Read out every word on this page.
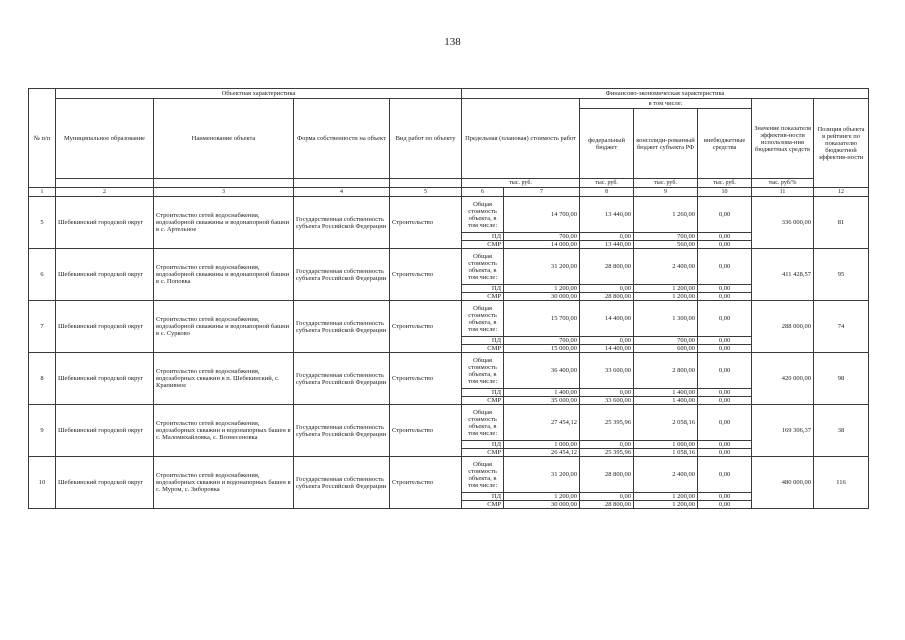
138
№ п/п	Объектная характеристика				Финансово-экономическая характеристика						
	Муниципальное образование	Наименование объекта	Форма собственности на объект	Вид работ по объекту	Предельная (плановая) стоимость работ		в том числе:			Значение показателя эффектив-ности использова-ния бюджетных средств	Позиция объекта в рейтинге по показателю бюджетной эффектив-ности
							федеральный бюджет	консолиди-рованный бюджет субъекта РФ	внебюджетные средства		
					тыс. руб.		тыс. руб.	тыс. руб.	тыс. руб.	тыс. руб/%	
1	2	3	4	5	6	7	8	9	10	11	12
5	Шебекинский городской округ	Строительство сетей водоснабжения, водозаборной скважины и водонапорной башни в с. Артельное	Государственная собственность субъекта Российской Федерации	Строительство	Общая стоимость объекта, в том числе:	14 700,00	13 440,00	1 260,00	0,00	336 000,00	81
					ПД	700,00	0,00	700,00	0,00		
					СМР	14 000,00	13 440,00	560,00	0,00		
6	Шебекинский городской округ	Строительство сетей водоснабжения, водозаборной скважины и водонапорной башни в с. Поповка	Государственная собственность субъекта Российской Федерации	Строительство	Общая стоимость объекта, в том числе:	31 200,00	28 800,00	2 400,00	0,00	411 428,57	95
					ПД	1 200,00	0,00	1 200,00	0,00		
					СМР	30 000,00	28 800,00	1 200,00	0,00		
7	Шебекинский городской округ	Строительство сетей водоснабжения, водозаборной скважины и водонапорной башни в с. Сурково	Государственная собственность субъекта Российской Федерации	Строительство	Общая стоимость объекта, в том числе:	15 700,00	14 400,00	1 300,00	0,00	288 000,00	74
					ПД	700,00	0,00	700,00	0,00		
					СМР	15 000,00	14 400,00	600,00	0,00		
8	Шебекинский городской округ	Строительство сетей водоснабжения, водозаборных скважин в п. Шебекинский, с. Крапивное	Государственная собственность субъекта Российской Федерации	Строительство	Общая стоимость объекта, в том числе:	36 400,00	33 600,00	2 800,00	0,00	420 000,00	98
					ПД	1 400,00	0,00	1 400,00	0,00		
					СМР	35 000,00	33 600,00	1 400,00	0,00		
9	Шебекинский городской округ	Строительство сетей водоснабжения, водозаборных скважин и водонапорных башен в с. Маломихайловка, с. Вознесеновка	Государственная собственность субъекта Российской Федерации	Строительство	Общая стоимость объекта, в том числе:	27 454,12	25 395,96	2 058,16	0,00	169 306,37	38
					ПД	1 000,00	0,00	1 000,00	0,00		
					СМР	26 454,12	25 395,96	1 058,16	0,00		
10	Шебекинский городской округ	Строительство сетей водоснабжения, водозаборных скважин и водонапорных башен в с. Муром, с. Зиборовка	Государственная собственность субъекта Российской Федерации	Строительство	Общая стоимость объекта, в том числе:	31 200,00	28 800,00	2 400,00	0,00	480 000,00	116
					ПД	1 200,00	0,00	1 200,00	0,00		
					СМР	30 000,00	28 800,00	1 200,00	0,00		
